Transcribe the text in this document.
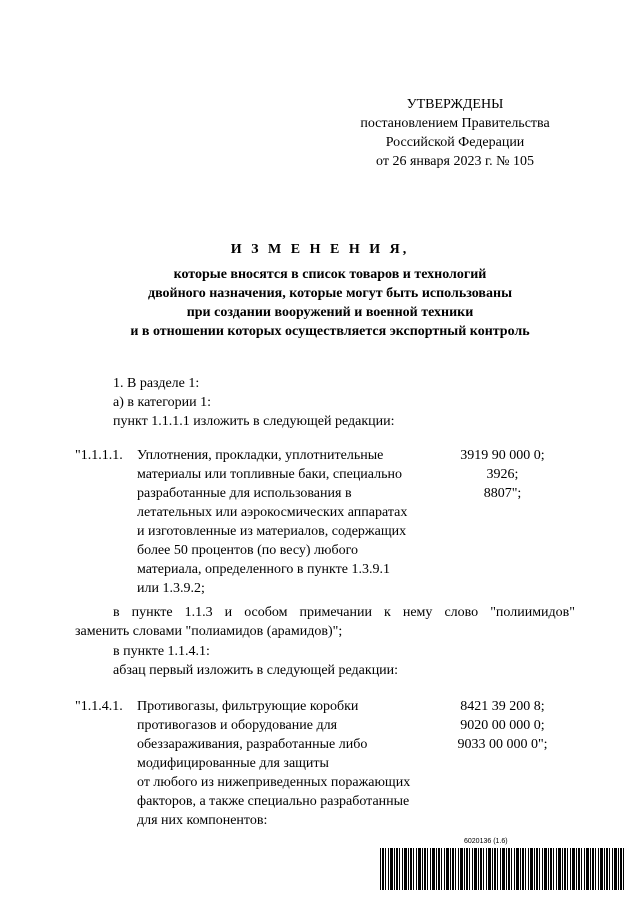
УТВЕРЖДЕНЫ
постановлением Правительства
Российской Федерации
от 26 января 2023 г. № 105
И З М Е Н Е Н И Я,
которые вносятся в список товаров и технологий
двойного назначения, которые могут быть использованы
при создании вооружений и военной техники
и в отношении которых осуществляется экспортный контроль
1. В разделе 1:
а) в категории 1:
пункт 1.1.1.1 изложить в следующей редакции:
"1.1.1.1. Уплотнения, прокладки, уплотнительные
материалы или топливные баки, специально
разработанные для использования в
летательных или аэрокосмических аппаратах
и изготовленные из материалов, содержащих
более 50 процентов (по весу) любого
материала, определенного в пункте 1.3.9.1
или 1.3.9.2;
3919 90 000 0;
3926;
8807";
в пункте 1.1.3 и особом примечании к нему слово "полиимидов"
заменить словами "полиамидов (арамидов)";
в пункте 1.1.4.1:
абзац первый изложить в следующей редакции:
"1.1.4.1. Противогазы, фильтрующие коробки
противогазов и оборудование для
обеззараживания, разработанные либо
модифицированные для защиты
от любого из нижеприведенных поражающих
факторов, а также специально разработанные
для них компонентов:
8421 39 200 8;
9020 00 000 0;
9033 00 000 0";
6020136 (1.6)
